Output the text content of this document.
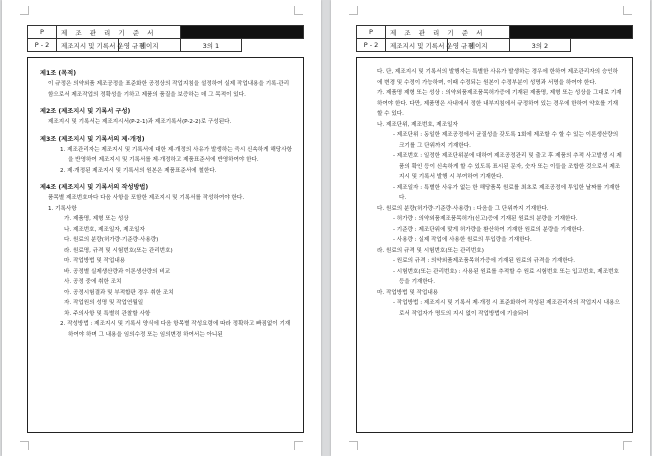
P	제 조 관 리 기 준 서		
P - 2	제조지시 및 기록서 운영 규정	페이지	3의 1
제1조 (목적)

이 규정은 의약외품 제조공정을 표준화한 공정상의 작업지침을 설정하여 실제 작업내용을 기록·관리함으로서 제조작업의 정확성을 기하고 제품의 품질을 보증하는 데 그 목적이 있다.

제2조 (제조지시 및 기록서 구성)

제조지시 및 기록서는 제조지시서(P-2-1)과 제조기록서(P-2-2)로 구성된다.

제3조 (제조지시 및 기록서의 제·개정)

1. 제조관리자는 제조지시 및 기록서에 대한 제·개정의 사유가 발생하는 즉시 신속하게 해당사항을 반영하여 제조지시 및 기록서를 제·개정하고 제품표준서에 반영하여야 한다.

2. 제·개정된 제조지시 및 기록서의 원본은 제품표준서에 철한다.

제4조 (제조지시 및 기록서의 작성방법)

품목별 제조번호마다 다음 사항을 포함한 제조지시 및 기록서를 작성하여야 한다.

1. 기록사항

가. 제품명, 제형 또는 성상

나. 제조번호, 제조일자, 제조일자

다. 원료의 분량(허가량·기준량·사용량)

라. 원료명, 규격 및 시험번호(또는 관리번호)

마. 작업방법 및 작업내용

바. 공정별 실제생산량과 이론생산량의 비교

사. 공정 중에 취한 조치

아. 공정시험결과 및 부적합판 경우 취한 조치

자. 작업원의 성명 및 작업연월일

차. 주의사항 및 특별히 관찰할 사항

2. 작성방법 : 제조지시 및 기록서 양식에 다음 항목별 작성요령에 따라 정확하고 빠짐없이 기재하여야 하며 그 내용을 임의수정 또는 임의변경 하여서는 아니된

P	제 조 관 리 기 준 서		
P - 2	제조지시 및 기록서 운영 규정	페이지	3의 2

다. 단, 제조지시 및 기록서의 발행자는 특별한 사유가 발생하는 경우에 한하여 제조관리자의 승인하에 변경 및 수정이 가능하며, 이때 수정되는 원본이 수정부분이 성명과 서명을 하여야 한다.

가. 제품명 제형 또는 성상 : 의약외품제조품목허가증에 기재된 제품명, 제형 또는 성상을 그대로 기재하여야 한다. 다만, 제품명은 사내에서 정한 내부지침에서 규정하여 있는 경우에 한하여 약호를 기재 할 수 있다.

나. 제조단위, 제조번호, 제조일자

- 제조단위 : 동일한 제조공정에서 균질성을 갖도록 1회에 제조할 수 할 수 있는 이론생산량의 크기를 그 단위까지 기재한다.

- 제조번호 : 일정한 제조단위분에 대하여 제조공정관리 및 출고 후 제품의 추적 사고발생 시 제품의 확인 등이 신속하게 할 수 있도록 표시된 문자, 숫자 또는 이들을 조합한 것으로서 제조지시 및 기록서 발행 시 부여하여 기재한다.

- 제조일자 : 특별한 사유가 없는 한 해당품목 원료를 최초로 제조공정에 투입한 날짜를 기재한다.

다. 원료의 분량(허가량·기준량·사용량) : 다음을 그 단위까지 기재한다.

- 허가량 : 의약외품제조품목허가(신고)증에 기재된 원료의 분량을 기재한다.

- 기준량 : 제조단위에 맞게 허가량을 환산하여 기재한 원료의 분량을 기재한다.

- 사용량 : 실제 작업에 사용한 원료의 투입량을 기재한다.

라. 원료의 규격 및 시험번호(또는 관리번호)

- 원료의 규격 : 의약외품제조품목허가증에 기재된 원료의 규격을 기재한다.

- 시험번호(또는 관리번호) : 사용된 원료를 추적할 수 원료 시험번호 또는 입고번호, 제조번호 등을 기재한다.

마. 작업방법 및 작업내용

- 작업방법 : 제조지시 및 기록서 제·개정 시 표준화하여 작성된 제조관리자의 작업지시 내용으로서 작업자가 명도의 지시 없이 작업방법에 기술되어
